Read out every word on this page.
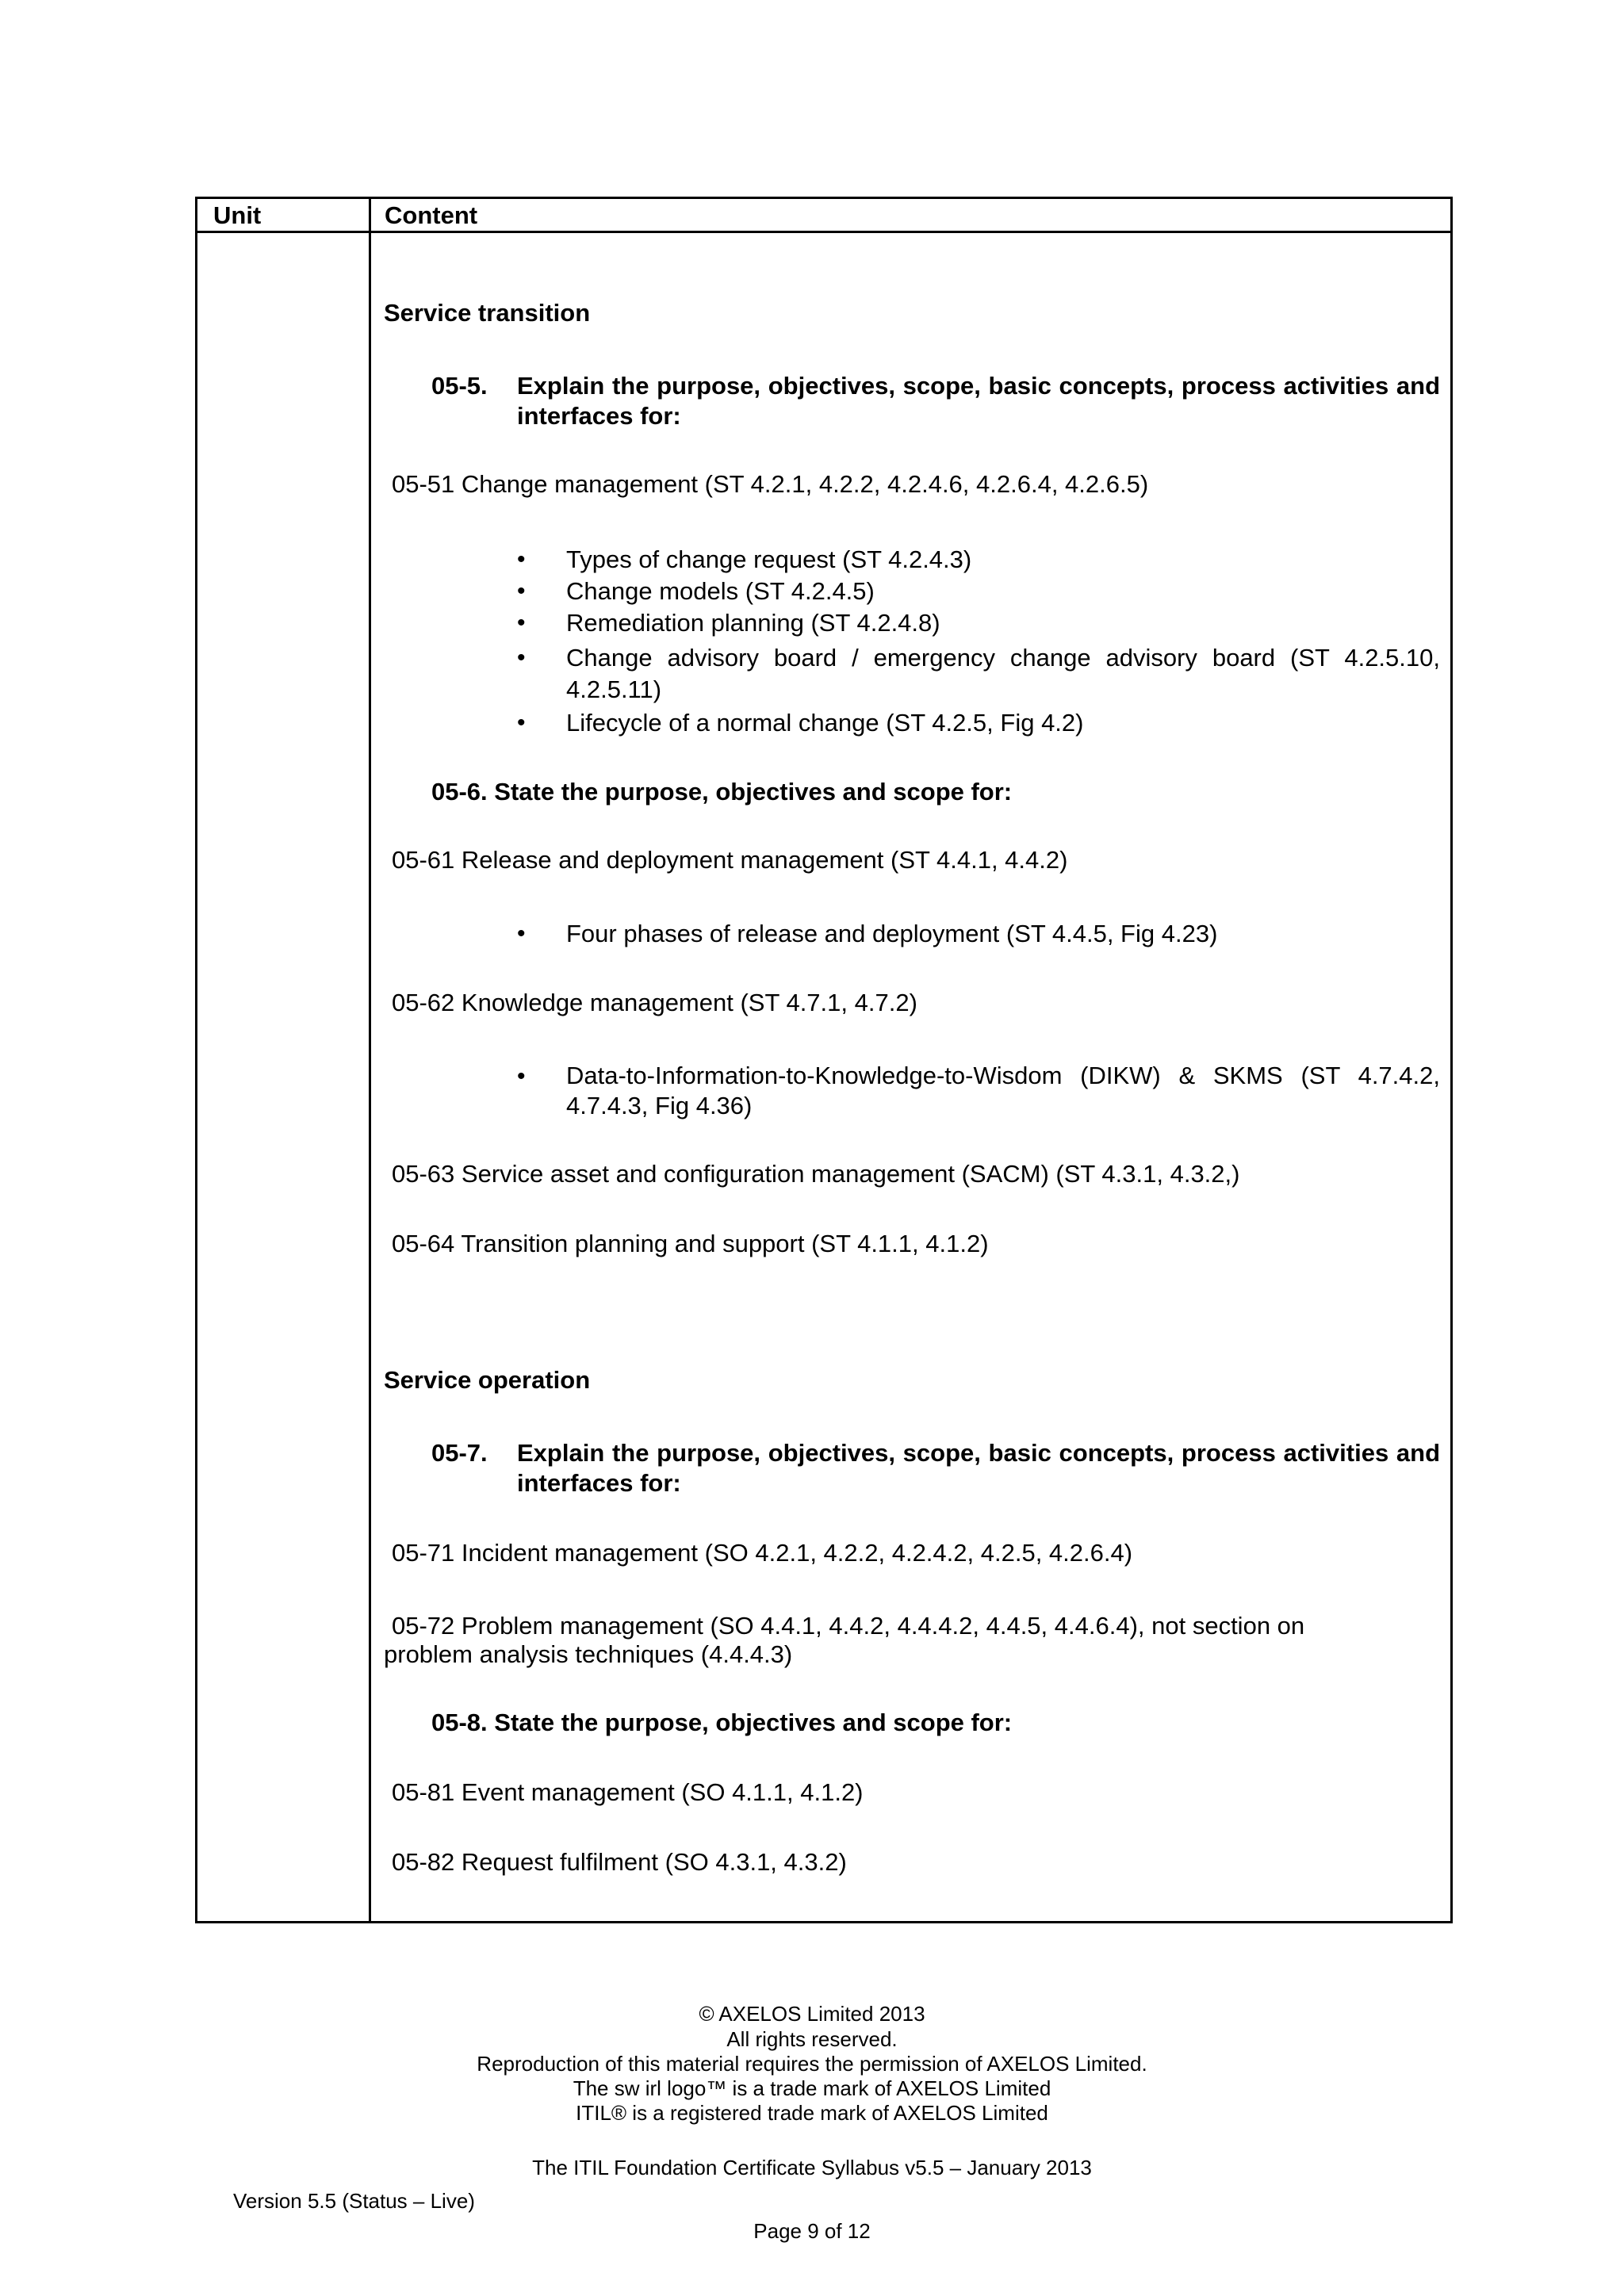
Unit	Content
Service transition
05-5. Explain the purpose, objectives, scope, basic concepts, process activities and interfaces for:
05-51 Change management (ST 4.2.1, 4.2.2, 4.2.4.6, 4.2.6.4, 4.2.6.5)
• Types of change request (ST 4.2.4.3)
• Change models (ST 4.2.4.5)
• Remediation planning (ST 4.2.4.8)
• Change advisory board / emergency change advisory board (ST 4.2.5.10, 4.2.5.11)
• Lifecycle of a normal change (ST 4.2.5, Fig 4.2)
05-6. State the purpose, objectives and scope for:
05-61 Release and deployment management (ST 4.4.1, 4.4.2)
• Four phases of release and deployment (ST 4.4.5, Fig 4.23)
05-62 Knowledge management (ST 4.7.1, 4.7.2)
• Data-to-Information-to-Knowledge-to-Wisdom (DIKW) & SKMS (ST 4.7.4.2, 4.7.4.3, Fig 4.36)
05-63 Service asset and configuration management (SACM) (ST 4.3.1, 4.3.2,)
05-64 Transition planning and support (ST 4.1.1, 4.1.2)
Service operation
05-7. Explain the purpose, objectives, scope, basic concepts, process activities and interfaces for:
05-71 Incident management (SO 4.2.1, 4.2.2, 4.2.4.2, 4.2.5, 4.2.6.4)
05-72 Problem management (SO 4.4.1, 4.4.2, 4.4.4.2, 4.4.5, 4.4.6.4), not section on
problem analysis techniques (4.4.4.3)
05-8. State the purpose, objectives and scope for:
05-81 Event management (SO 4.1.1, 4.1.2)
05-82 Request fulfilment (SO 4.3.1, 4.3.2)
© AXELOS Limited 2013
All rights reserved.
Reproduction of this material requires the permission of AXELOS Limited.
The sw irl logo™ is a trade mark of AXELOS Limited
ITIL® is a registered trade mark of AXELOS Limited
The ITIL Foundation Certificate Syllabus v5.5 – January 2013
Version 5.5 (Status – Live)
Page 9 of 12
